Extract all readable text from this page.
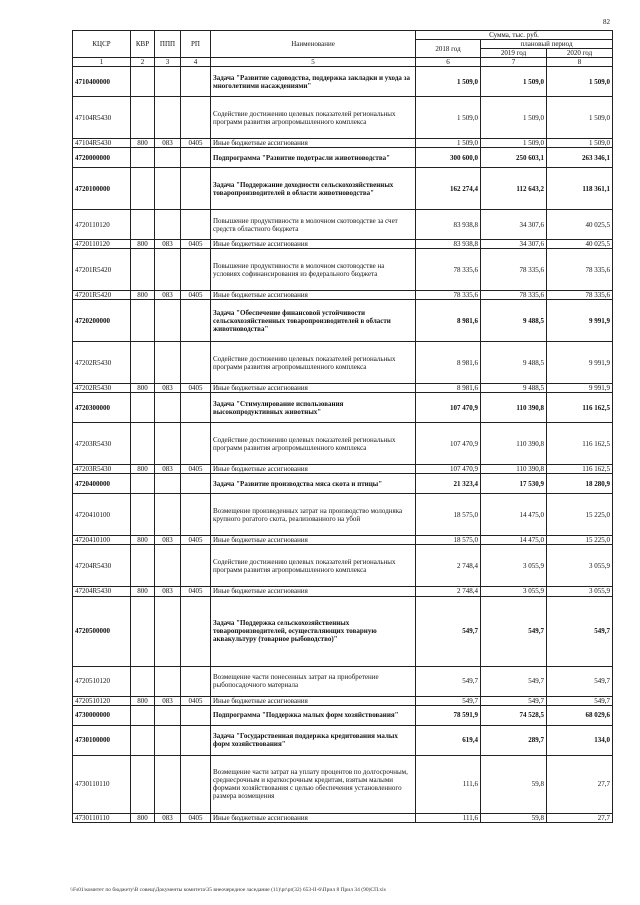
82
КЦСР	КВР	ППП	РП	Наименование	Сумма, тыс. руб.		
					2018 год	плановый период	
						2019 год	2020 год
1	2	3	4	5	6	7	8
4710400000				Задача "Развитие садоводства, поддержка закладки и ухода за многолетними насаждениями"	1 509,0	1 509,0	1 509,0
47104R5430				Содействие достижению целевых показателей региональных программ развития агропромышленного комплекса	1 509,0	1 509,0	1 509,0
47104R5430	800	083	0405	Иные бюджетные ассигнования	1 509,0	1 509,0	1 509,0
4720000000				Подпрограмма "Развитие подотрасли животноводства"	300 600,0	250 603,1	263 346,1
4720100000				Задача "Поддержание доходности сельскохозяйственных товаропроизводителей в области животноводства"	162 274,4	112 643,2	118 361,1
4720110120				Повышение продуктивности в молочном скотоводстве за счет средств областного бюджета	83 938,8	34 307,6	40 025,5
4720110120	800	083	0405	Иные бюджетные ассигнования	83 938,8	34 307,6	40 025,5
47201R5420				Повышение продуктивности в молочном скотоводстве на условиях софинансирования из федерального бюджета	78 335,6	78 335,6	78 335,6
47201R5420	800	083	0405	Иные бюджетные ассигнования	78 335,6	78 335,6	78 335,6
4720200000				Задача "Обеспечение финансовой устойчивости сельскохозяйственных товаропроизводителей в области животноводства"	8 981,6	9 488,5	9 991,9
47202R5430				Содействие достижению целевых показателей региональных программ развития агропромышленного комплекса	8 981,6	9 488,5	9 991,9
47202R5430	800	083	0405	Иные бюджетные ассигнования	8 981,6	9 488,5	9 991,9
4720300000				Задача "Стимулирование использования высокопродуктивных животных"	107 470,9	110 390,8	116 162,5
47203R5430				Содействие достижению целевых показателей региональных программ развития агропромышленного комплекса	107 470,9	110 390,8	116 162,5
47203R5430	800	083	0405	Иные бюджетные ассигнования	107 470,9	110 390,8	116 162,5
4720400000				Задача "Развитие производства мяса скота и птицы"	21 323,4	17 530,9	18 280,9
4720410100				Возмещение произведенных затрат на производство молодняка крупного рогатого скота, реализованного на убой	18 575,0	14 475,0	15 225,0
4720410100	800	083	0405	Иные бюджетные ассигнования	18 575,0	14 475,0	15 225,0
47204R5430				Содействие достижению целевых показателей региональных программ развития агропромышленного комплекса	2 748,4	3 055,9	3 055,9
47204R5430	800	083	0405	Иные бюджетные ассигнования	2 748,4	3 055,9	3 055,9
4720500000				Задача "Поддержка сельскохозяйственных товаропроизводителей, осуществляющих товарную аквакультуру (товарное рыбоводство)"	549,7	549,7	549,7
4720510120				Возмещение части понесенных затрат на приобретение рыбопосадочного материала	549,7	549,7	549,7
4720510120	800	083	0405	Иные бюджетные ассигнования	549,7	549,7	549,7
4730000000				Подпрограмма "Поддержка малых форм хозяйствования"	78 591,9	74 528,5	68 029,6
4730100000				Задача "Государственная поддержка кредитования малых форм хозяйствования"	619,4	289,7	134,0
4730110110				Возмещение части затрат на уплату процентов по долгосрочным, среднесрочным и краткосрочным кредитам, взятым малыми формами хозяйствования с целью обеспечения установленного размера возмещения	111,6	59,8	27,7
4730110110	800	083	0405	Иные бюджетные ассигнования	111,6	59,8	27,7
\\Fs01\комитет по бюджету\В совещ\Документы комитета\35 внеочередное заседание (11)\pr\pr(32) 653-II-6\Прил 8 Прил 34 (90)СП.xls
